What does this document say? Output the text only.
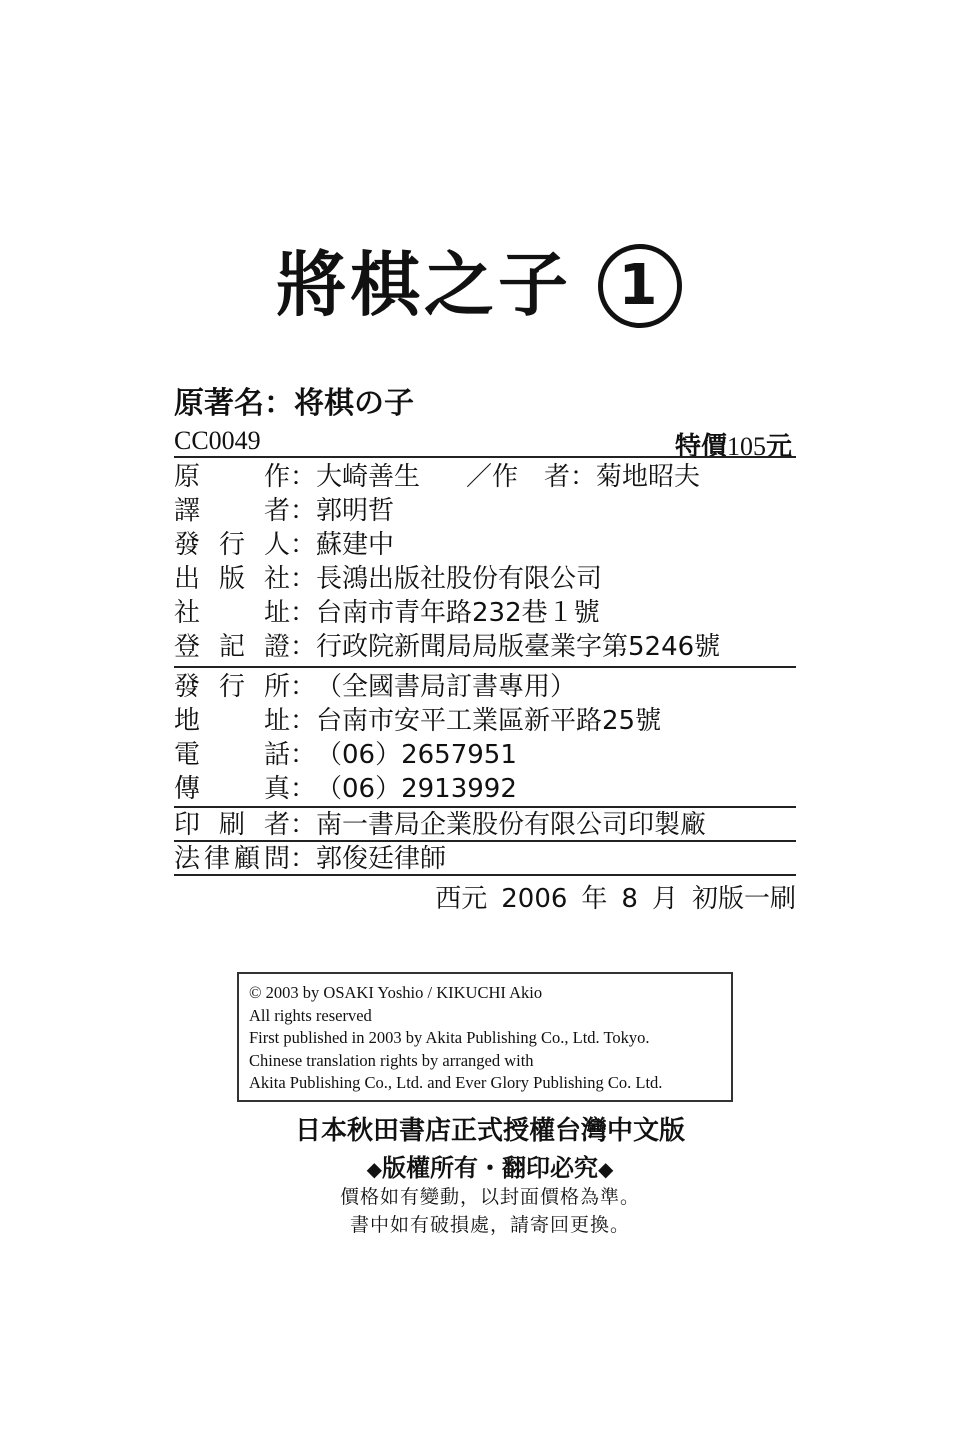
將棋之子 1
原著名：将棋の子
CC0049	特價105元
原　作：大崎善生 ／作　者：菊地昭夫
譯　者：郭明哲
發行人：蘇建中
出版社：長鴻出版社股份有限公司
社　址：台南市青年路232巷１號
登記證：行政院新聞局局版臺業字第5246號
發行所：（全國書局訂書專用）
地　址：台南市安平工業區新平路25號
電　話：（06）2657951
傳　真：（06）2913992
印刷者：南一書局企業股份有限公司印製廠
法律顧問：郭俊廷律師
西元 2006 年 8 月 初版一刷
© 2003 by OSAKI Yoshio / KIKUCHI Akio
All rights reserved
First published in 2003 by Akita Publishing Co., Ltd. Tokyo.
Chinese translation rights by arranged with
Akita Publishing Co., Ltd. and Ever Glory Publishing Co. Ltd.
日本秋田書店正式授權台灣中文版
◆版權所有・翻印必究◆
價格如有變動，以封面價格為準。
書中如有破損處，請寄回更換。
